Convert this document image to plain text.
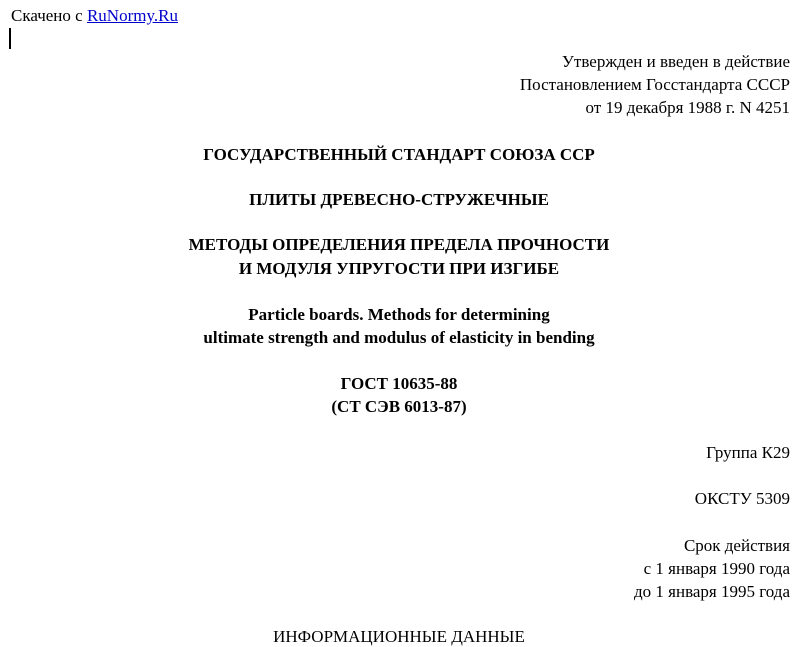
Скачено с RuNormy.Ru
Утвержден и введен в действие
Постановлением Госстандарта СССР
от 19 декабря 1988 г. N 4251
ГОСУДАРСТВЕННЫЙ СТАНДАРТ СОЮЗА ССР
ПЛИТЫ ДРЕВЕСНО-СТРУЖЕЧНЫЕ
МЕТОДЫ ОПРЕДЕЛЕНИЯ ПРЕДЕЛА ПРОЧНОСТИ
И МОДУЛЯ УПРУГОСТИ ПРИ ИЗГИБЕ
Particle boards. Methods for determining
ultimate strength and modulus of elasticity in bending
ГОСТ 10635-88
(СТ СЭВ 6013-87)
Группа К29
ОКСТУ 5309
Срок действия
с 1 января 1990 года
до 1 января 1995 года
ИНФОРМАЦИОННЫЕ ДАННЫЕ
